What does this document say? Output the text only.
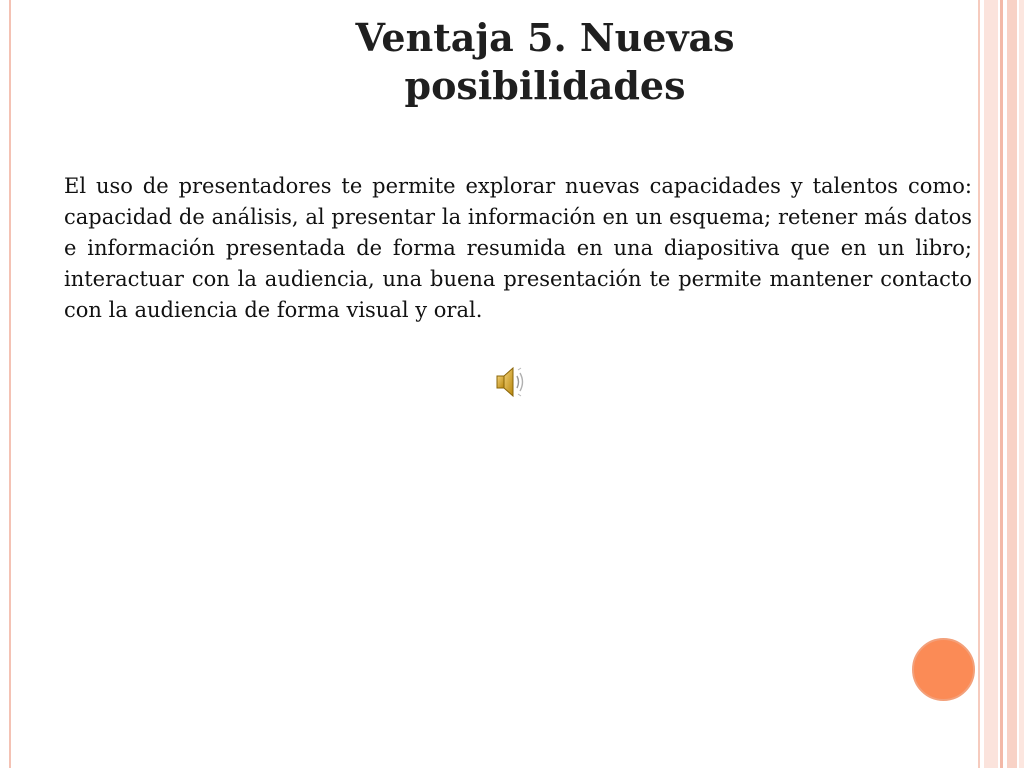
Ventaja 5. Nuevas
posibilidades

El uso de presentadores te permite explorar nuevas capacidades y talentos como: capacidad de análisis, al presentar la información en un esquema; retener más datos e información presentada de forma resumida en una diapositiva que en un libro; interactuar con la audiencia, una buena presentación te permite mantener contacto con la audiencia de forma visual y oral.
